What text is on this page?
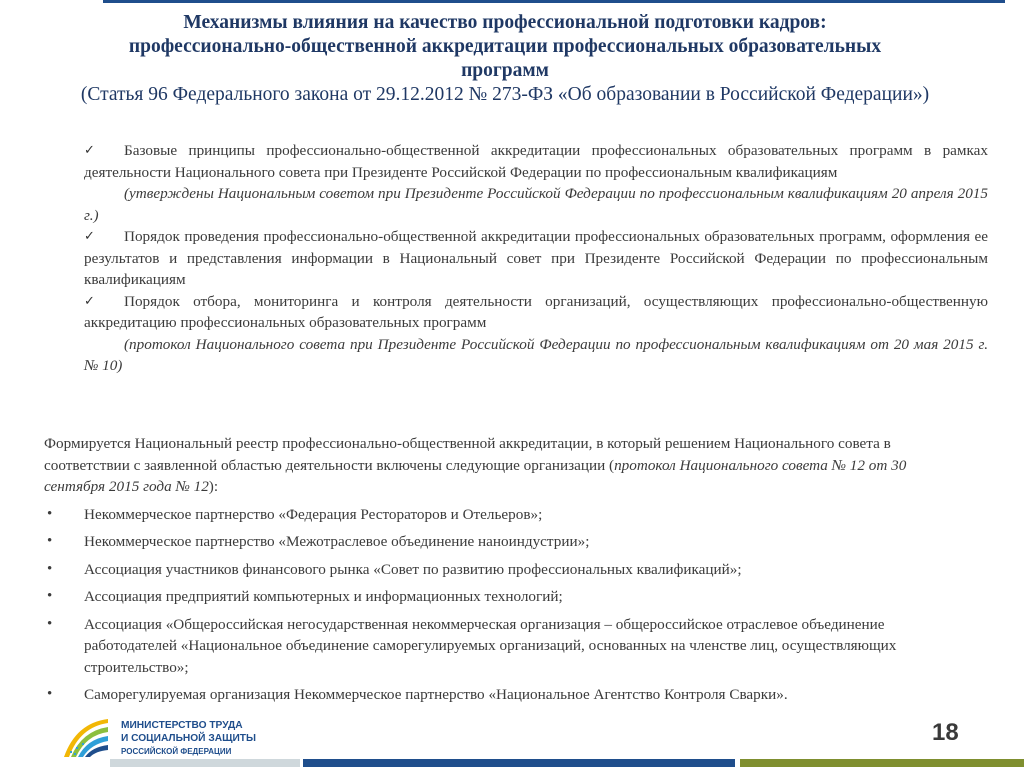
Механизмы влияния на качество профессиональной подготовки кадров:
профессионально-общественной аккредитации профессиональных образовательных
программ
(Статья 96 Федерального закона от 29.12.2012 № 273-ФЗ «Об образовании в Российской Федерации»)
✓	Базовые принципы профессионально-общественной аккредитации профессиональных образовательных программ в рамках деятельности Национального совета при Президенте Российской Федерации по профессиональным квалификациям
(утверждены Национальным советом при Президенте Российской Федерации по профессиональным квалификациям 20 апреля 2015 г.)
✓	Порядок проведения профессионально-общественной аккредитации профессиональных образовательных программ, оформления ее результатов и представления информации в Национальный совет при Президенте Российской Федерации по профессиональным квалификациям
✓	Порядок отбора, мониторинга и контроля деятельности организаций, осуществляющих профессионально-общественную аккредитацию профессиональных образовательных программ
(протокол Национального совета при Президенте Российской Федерации по профессиональным квалификациям от 20 мая 2015 г. № 10)
Формируется Национальный реестр профессионально-общественной аккредитации, в который решением Национального совета в соответствии с заявленной областью деятельности включены следующие организации (протокол Национального совета № 12 от 30 сентября 2015 года № 12):
• Некоммерческое партнерство «Федерация Рестораторов и Отельеров»;
• Некоммерческое партнерство «Межотраслевое объединение наноиндустрии»;
• Ассоциация участников финансового рынка «Совет по развитию профессиональных квалификаций»;
• Ассоциация предприятий компьютерных и информационных технологий;
• Ассоциация «Общероссийская негосударственная некоммерческая организация – общероссийское отраслевое объединение работодателей «Национальное объединение саморегулируемых организаций, основанных на членстве лиц, осуществляющих строительство»;
• Саморегулируемая организация Некоммерческое партнерство «Национальное Агентство Контроля Сварки».
МИНИСТЕРСТВО ТРУДА
И СОЦИАЛЬНОЙ ЗАЩИТЫ
РОССИЙСКОЙ ФЕДЕРАЦИИ
18
